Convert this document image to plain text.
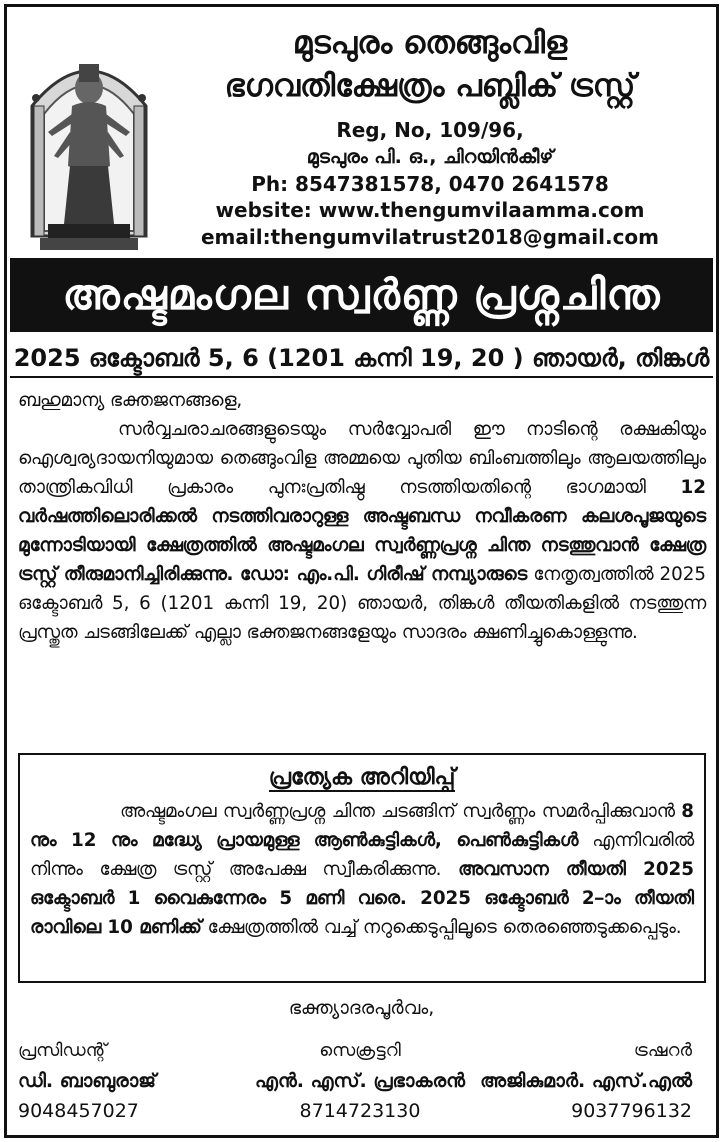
മുടപുരം തെങ്ങുംവിള
ഭഗവതിക്ഷേത്രം പബ്ലിക് ട്രസ്റ്റ്
Reg, No, 109/96,
മുടപുരം പി. ഒ., ചിറയിൻകീഴ്
Ph: 8547381578, 0470 2641578
website: www.thengumvilaamma.com
email:thengumvilatrust2018@gmail.com
അഷ്ടമംഗല സ്വർണ്ണ പ്രശ്നചിന്ത
2025 ഒക്ടോബർ 5, 6 (1201 കന്നി 19, 20 ) ഞായർ, തിങ്കൾ

ബഹുമാന്യ ഭക്തജനങ്ങളെ,

സർവ്വചരാചരങ്ങളുടെയും സർവ്വോപരി ഈ നാടിന്റെ രക്ഷകിയും ഐശ്വര്യദായനിയുമായ തെങ്ങുംവിള അമ്മയെ പുതിയ ബിംബത്തിലും ആലയത്തിലും താന്ത്രികവിധി പ്രകാരം പുനഃപ്രതിഷ്ഠ നടത്തിയതിന്റെ ഭാഗമായി 12 വർഷത്തിലൊരിക്കൽ നടത്തിവരാറുള്ള അഷ്ടബന്ധ നവീകരണ കലശപൂജയുടെ മുന്നോടിയായി ക്ഷേത്രത്തിൽ അഷ്ടമംഗല സ്വർണ്ണപ്രശ്ന ചിന്ത നടത്തുവാൻ ക്ഷേത്ര ട്രസ്റ്റ് തീരുമാനിച്ചിരിക്കുന്നു. ഡോ: എം.പി. ഗിരീഷ് നമ്പ്യാരുടെ നേതൃത്വത്തിൽ 2025 ഒക്ടോബർ 5, 6 (1201 കന്നി 19, 20) ഞായർ, തിങ്കൾ തീയതികളിൽ നടത്തുന്ന പ്രസ്തുത ചടങ്ങിലേക്ക് എല്ലാ ഭക്തജനങ്ങളേയും സാദരം ക്ഷണിച്ചുകൊള്ളുന്നു.

പ്രത്യേക അറിയിപ്പ്

അഷ്ടമംഗല സ്വർണ്ണപ്രശ്ന ചിന്ത ചടങ്ങിന് സ്വർണ്ണം സമർപ്പിക്കുവാൻ 8 നും 12 നും മദ്ധ്യേ പ്രായമുള്ള ആൺകുട്ടികൾ, പെൺകുട്ടികൾ എന്നിവരിൽ നിന്നും ക്ഷേത്ര ട്രസ്റ്റ് അപേക്ഷ സ്വീകരിക്കുന്നു. അവസാന തീയതി 2025 ഒക്ടോബർ 1 വൈകുന്നേരം 5 മണി വരെ. 2025 ഒക്ടോബർ 2–ാം തീയതി രാവിലെ 10 മണിക്ക് ക്ഷേത്രത്തിൽ വച്ച് നറുക്കെടുപ്പിലൂടെ തെരഞ്ഞെടുക്കപ്പെടും.

ഭക്ത്യാദരപൂർവം,
പ്രസിഡന്റ്
ഡി. ബാബുരാജ്
9048457027
സെക്രട്ടറി
എൻ. എസ്. പ്രഭാകരൻ
8714723130
ട്രഷറർ
അജികുമാർ. എസ്.എൽ
9037796132
